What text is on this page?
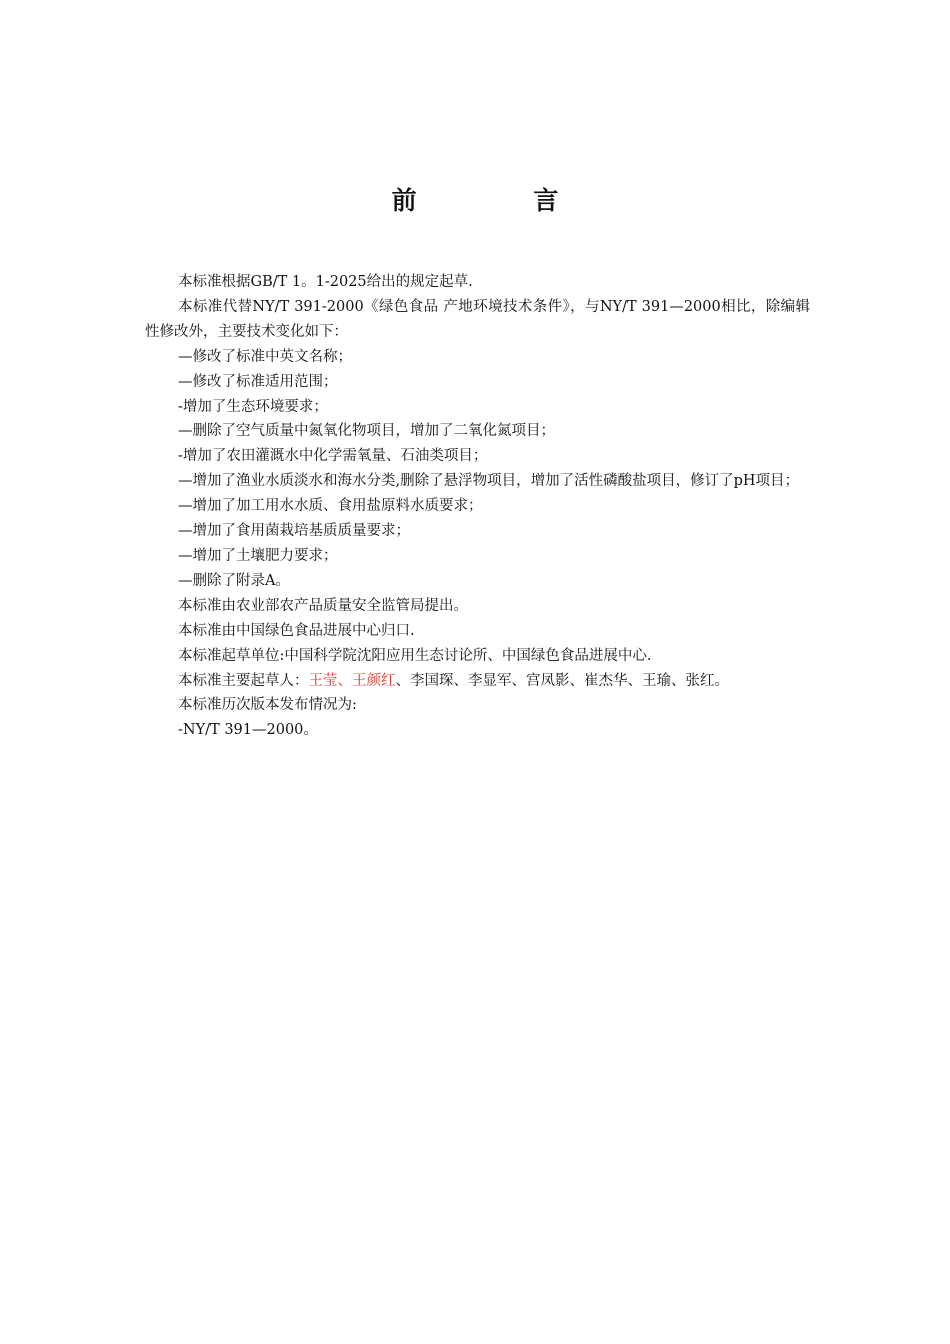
前 言

本标准根据GB/T 1。1-2025给出的规定起草.

本标准代替NY/T 391-2000《绿色食品 产地环境技术条件》，与NY/T 391—2000相比，除编辑性修改外，主要技术变化如下：

—修改了标准中英文名称；

—修改了标准适用范围；

-增加了生态环境要求；

—删除了空气质量中氮氧化物项目，增加了二氧化氮项目；

-增加了农田灌溉水中化学需氧量、石油类项目；

—增加了渔业水质淡水和海水分类,删除了悬浮物项目，增加了活性磷酸盐项目，修订了pH项目；

—增加了加工用水水质、食用盐原料水质要求；

—增加了食用菌栽培基质质量要求；

—增加了土壤肥力要求；

—删除了附录A。

本标准由农业部农产品质量安全监管局提出。

本标准由中国绿色食品进展中心归口.

本标准起草单位:中国科学院沈阳应用生态讨论所、中国绿色食品进展中心.

本标准主要起草人：王莹、王颜红、李国琛、李显军、宫凤影、崔杰华、王瑜、张红。

本标准历次版本发布情况为:

-NY/T 391—2000。
